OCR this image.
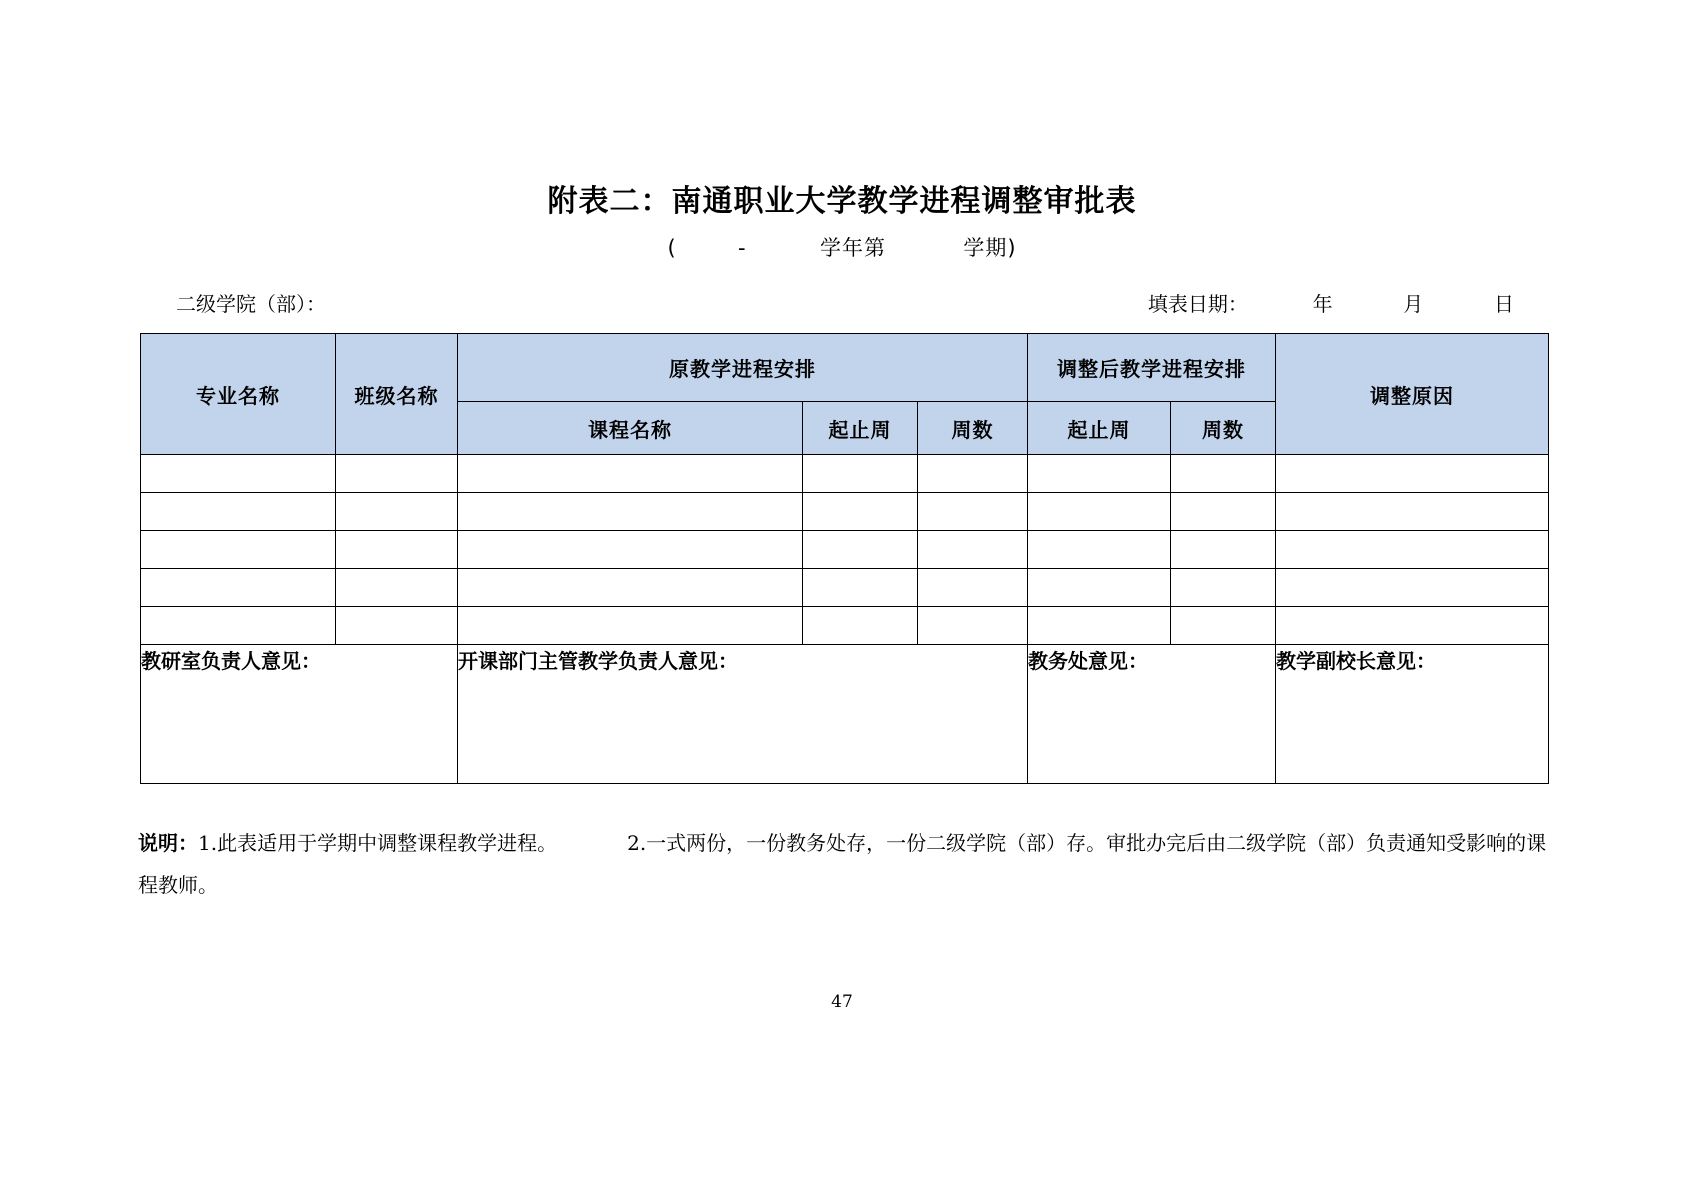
附表二：南通职业大学教学进程调整审批表
(	-	学年第	学期)
二级学院（部）：	填表日期：	年	月	日
专业名称	班级名称	原教学进程安排			调整后教学进程安排		调整原因
		课程名称	起止周	周数	起止周	周数	

教研室负责人意见：		开课部门主管教学负责人意见：			教务处意见：		教学副校长意见：
说明：1.此表适用于学期中调整课程教学进程。	2.一式两份，一份教务处存，一份二级学院（部）存。审批办完后由二级学院（部）负责通知受影响的课程教师。
47
